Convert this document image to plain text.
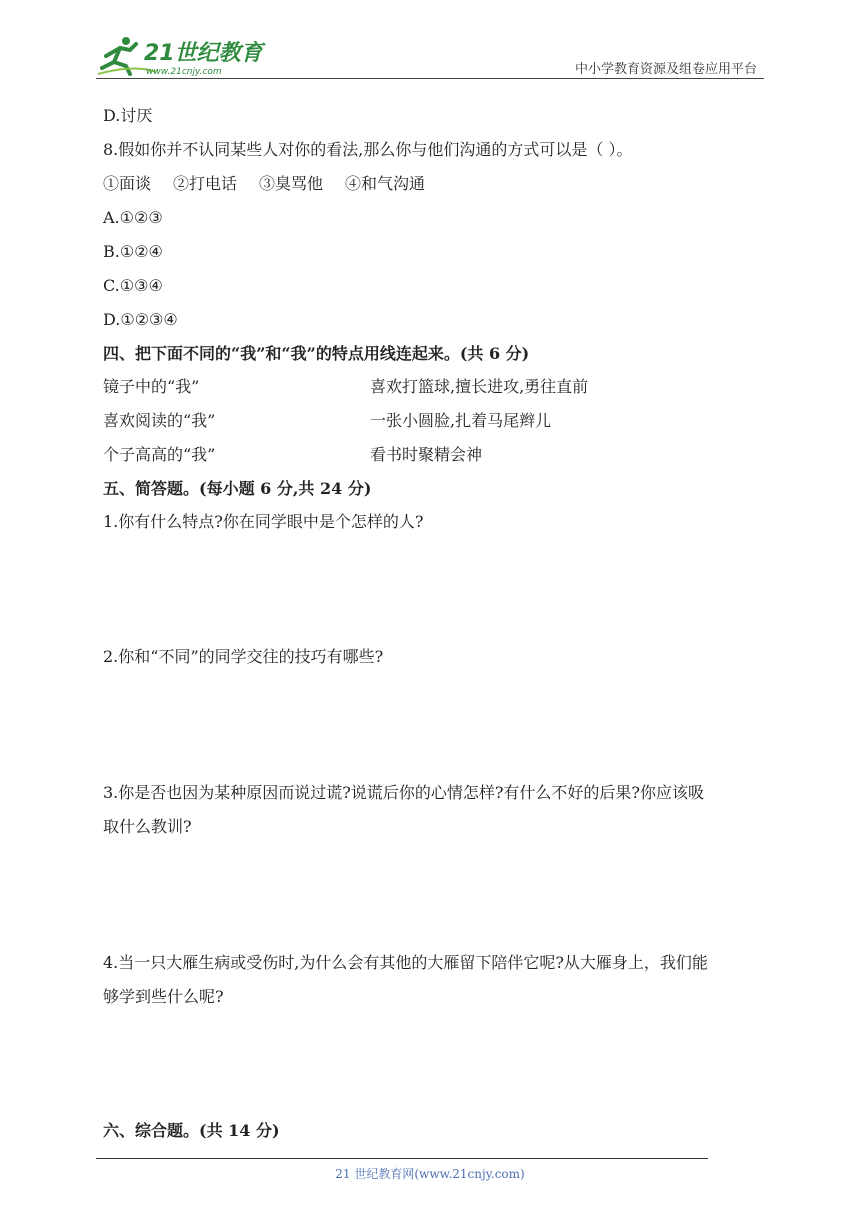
21世纪教育
www.21cnjy.com	中小学教育资源及组卷应用平台
D.讨厌
8.假如你并不认同某些人对你的看法,那么你与他们沟通的方式可以是（ ）。
①面谈 ②打电话 ③臭骂他 ④和气沟通
A.①②③
B.①②④
C.①③④
D.①②③④
四、把下面不同的“我”和“我”的特点用线连起来。(共 6 分)
镜子中的“我”	喜欢打篮球,擅长进攻,勇往直前
喜欢阅读的“我”	一张小圆脸,扎着马尾辫儿
个子高高的“我”	看书时聚精会神
五、简答题。(每小题 6 分,共 24 分)
1.你有什么特点?你在同学眼中是个怎样的人?
2.你和“不同”的同学交往的技巧有哪些?
3.你是否也因为某种原因而说过谎?说谎后你的心情怎样?有什么不好的后果?你应该吸
取什么教训?
4.当一只大雁生病或受伤时,为什么会有其他的大雁留下陪伴它呢?从大雁身上，我们能
够学到些什么呢?
六、综合题。(共 14 分)
21 世纪教育网(www.21cnjy.com)
